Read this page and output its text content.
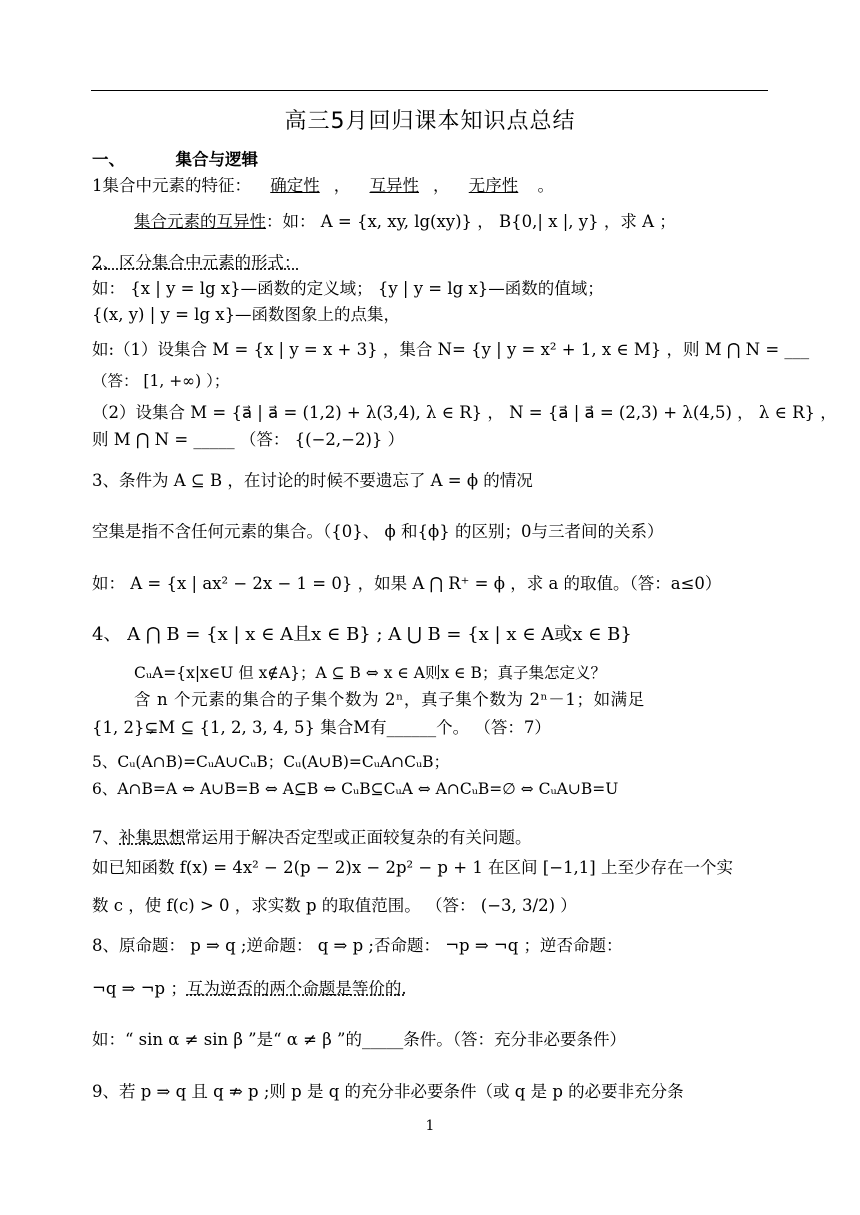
高三5月回归课本知识点总结
一、	集合与逻辑
1集合中元素的特征： 确定性 ， 互异性 ， 无序性 。
集合元素的互异性：如： A = {x, xy, lg(xy)} ， B{0,| x |, y} ，求 A ；
2、区分集合中元素的形式：
如： {x | y = lg x}—函数的定义域； {y | y = lg x}—函数的值域；
{(x, y) | y = lg x}—函数图象上的点集，
如:（1）设集合 M = {x | y = x + 3} ，集合 N= {y | y = x² + 1, x ∈ M} ，则 M ⋂ N = ___
（答： [1, +∞) ）；
（2）设集合 M = {a⃗ | a⃗ = (1,2) + λ(3,4), λ ∈ R} ， N = {a⃗ | a⃗ = (2,3) + λ(4,5) ， λ ∈ R} ，
则 M ⋂ N = _____ （答： {(−2,−2)} ）
3、条件为 A ⊆ B ，在讨论的时候不要遗忘了 A = ϕ 的情况
空集是指不含任何元素的集合。（{0}、 ϕ 和{ϕ} 的区别；0与三者间的关系）
如： A = {x | ax² − 2x − 1 = 0} ，如果 A ⋂ R⁺ = ϕ ，求 a 的取值。（答：a≤0）
4、 A ⋂ B = {x | x ∈ A且x ∈ B} ; A ⋃ B = {x | x ∈ A或x ∈ B}
CᵤA={x|x∈U 但 x∉A}；A ⊆ B ⇔ x ∈ A则x ∈ B；真子集怎定义？
含 n 个元素的集合的子集个数为 2ⁿ，真子集个数为 2ⁿ－1；如满足
{1, 2}⊊M ⊆ {1, 2, 3, 4, 5} 集合M有______个。 （答：7）
5、Cᵤ(A∩B)=CᵤA∪CᵤB；Cᵤ(A∪B)=CᵤA∩CᵤB；
6、A∩B=A ⇔ A∪B=B ⇔ A⊆B ⇔ CᵤB⊆CᵤA ⇔ A∩CᵤB=∅ ⇔ CᵤA∪B=U
7、补集思想常运用于解决否定型或正面较复杂的有关问题。
如已知函数 f(x) = 4x² − 2(p − 2)x − 2p² − p + 1 在区间 [−1,1] 上至少存在一个实
数 c ，使 f(c) > 0 ，求实数 p 的取值范围。 （答： (−3, 3/2) ）
8、原命题： p ⇒ q ;逆命题： q ⇒ p ;否命题： ¬p ⇒ ¬q ；逆否命题：
¬q ⇒ ¬p ；互为逆否的两个命题是等价的.
如：“ sin α ≠ sin β ”是“ α ≠ β ”的_____条件。（答：充分非必要条件）
9、若 p ⇒ q 且 q ⇏ p ;则 p 是 q 的充分非必要条件（或 q 是 p 的必要非充分条
1
